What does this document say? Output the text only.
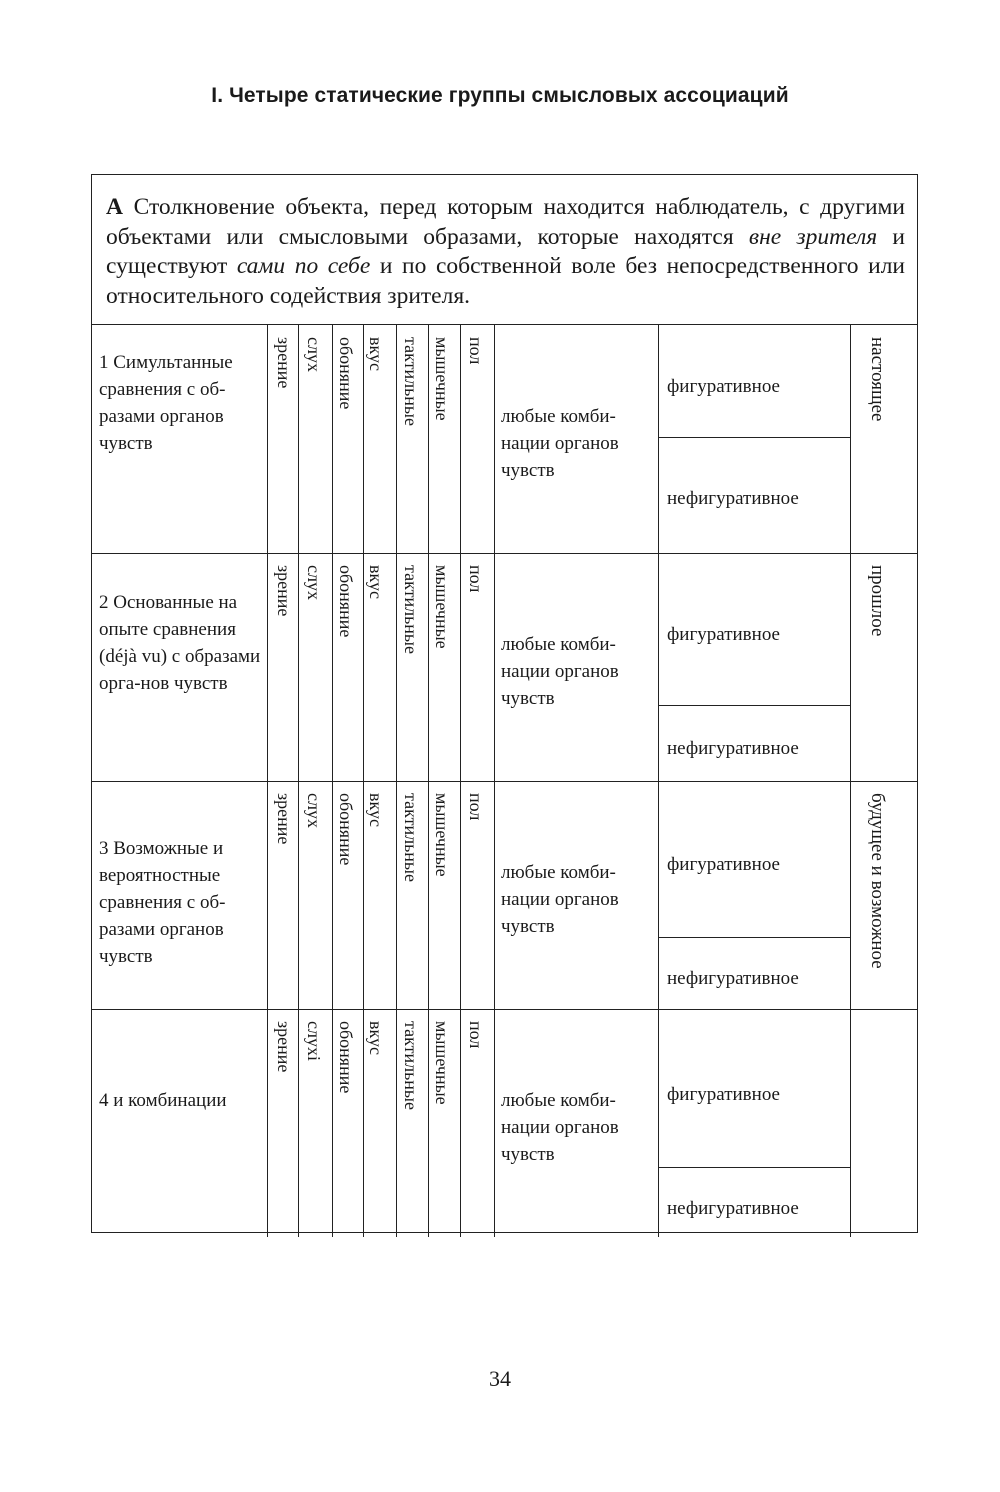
I. Четыре статические группы смысловых ассоциаций
А Столкновение объекта, перед которым находится наблюдатель, с другими объектами или смысловыми образами, которые находятся вне зрителя и существуют сами по себе и по собственной воле без непосредственного или относительного содействия зрителя.
1 Симультанные сравнения с об-разами органов чувств
зрение слух обоняние вкус тактильные мышечные пол
любые комби-нации органов чувств
фигуративное
нефигуративное
настоящее
2 Основанные на опыте сравнения (déjà vu) с образами орга-нов чувств
зрение слух обоняние вкус тактильные мышечные пол
любые комби-нации органов чувств
фигуративное
нефигуративное
прошлое
3 Возможные и вероятностные сравнения с об-разами органов чувств
зрение слух обоняние вкус тактильные мышечные пол
любые комби-нации органов чувств
фигуративное
нефигуративное
будущее и возможное
4 и комбинации
зрение слухi обоняние вкус тактильные мышечные пол
любые комби-нации органов чувств
фигуративное
нефигуративное
34
